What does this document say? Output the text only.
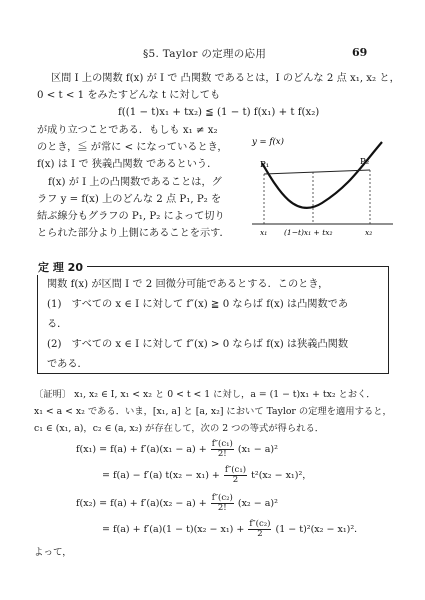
§5. Taylor の定理の応用	69
区間 I 上の関数 f(x) が I で 凸関数 であるとは，I のどんな 2 点 x₁, x₂ と，
0 < t < 1 をみたすどんな t に対しても
f((1 − t)x₁ + tx₂) ≦ (1 − t) f(x₁) + t f(x₂)
が成り立つことである．もしも x₁ ≠ x₂
のとき，≦ が常に < になっているとき，
f(x) は I で 狭義凸関数 であるという．
f(x) が I 上の凸関数であることは，グ
ラフ y = f(x) 上のどんな 2 点 P₁, P₂ を
結ぶ線分もグラフの P₁, P₂ によって切り
とられた部分より上側にあることを示す．
y = f(x)
P₁	P₂
x₁ (1−t)x₁ + tx₂	x₂
定 理 20
関数 f(x) が区間 I で 2 回微分可能であるとする．このとき，
(1)　すべての x ∈ I に対して f″(x) ≧ 0 ならば f(x) は凸関数であ
る．
(2)　すべての x ∈ I に対して f″(x) > 0 ならば f(x) は狭義凸関数
である．
〔証明〕 x₁, x₂ ∈ I, x₁ < x₂ と 0 < t < 1 に対し，a = (1 − t)x₁ + tx₂ とおく．
x₁ < a < x₂ である．いま，[x₁, a] と [a, x₂] において Taylor の定理を適用すると，
c₁ ∈ (x₁, a)，c₂ ∈ (a, x₂) が存在して，次の 2 つの等式が得られる．
$f(x_1) = f(a) + f'(a)(x_1 - a) + \frac{\text{f″(c₁)}}{2!} (x_1 - a)^2$
= f(a) − f′(a) $t(x_2 - x_1) + \frac{\text{f″(c₁)}}{2} t^2(x_2 - x_1)^2$，
$f(x_2) = f(a) + f'(a)(x_2 - a) + \frac{\text{f″(c₂)}}{2!} (x_2 - a)^2$
= $f(a) + f'(a)(1 - t)(x_2 - x_1) + \frac{\text{f″(c₂)}}{2} (1 - t)^2(x_2 - x_1)^2$．
よって，
